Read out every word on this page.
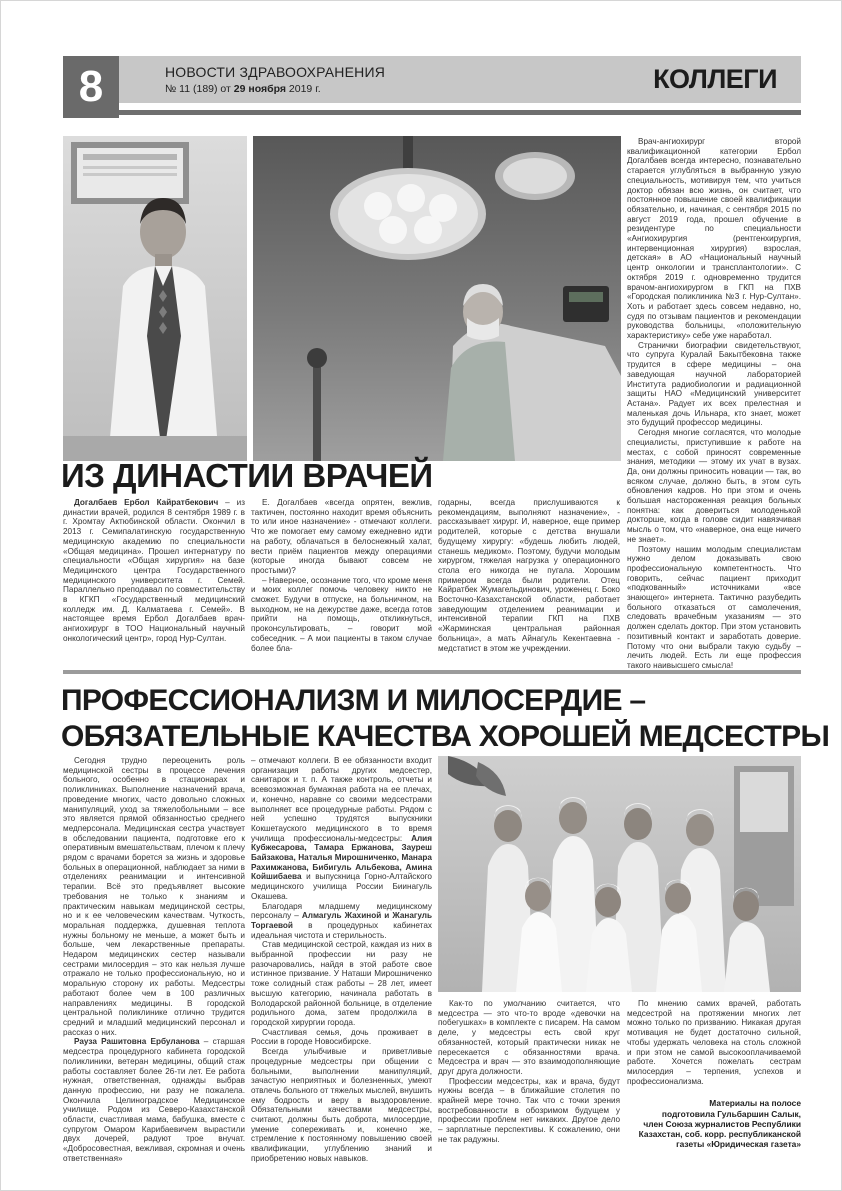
8	НОВОСТИ ЗДРАВООХРАНЕНИЯ
№ 11 (189) от 29 ноября 2019 г.	КОЛЛЕГИ

Врач-ангиохирург второй квалификационной категории Ербол Догалбаев всегда интересно, познавательно старается углубляться в выбранную узкую специальность, мотивируя тем, что учиться доктор обязан всю жизнь, он считает, что постоянное повышение своей квалификации обязательно, и, начиная, с сентября 2015 по август 2019 года, прошел обучение в резидентуре по специальности «Ангиохирургия (рентгенхирургия, интервенционная хирургия) взрослая, детская» в АО «Национальный научный центр онкологии и трансплантологии». С октября 2019 г. одновременно трудится врачом-ангиохирургом в ГКП на ПХВ «Городская поликлиника №3 г. Нур-Султан». Хоть и работает здесь совсем недавно, но, судя по отзывам пациентов и рекомендации руководства больницы, «положительную характеристику» себе уже наработал.

Странички биографии свидетельствуют, что супруга Куралай Бакытбековна также трудится в сфере медицины – она заведующая научной лабораторией Института радиобиологии и радиационной защиты НАО «Медицинский университет Астана». Радует их всех прелестная и маленькая дочь Ильнара, кто знает, может это будущий профессор медицины.

Сегодня многие согласятся, что молодые специалисты, приступившие к работе на местах, с собой приносят современные знания, методики — этому их учат в вузах. Да, они должны приносить новации — так, во всяком случае, должно быть, в этом суть обновления кадров. Но при этом и очень большая настороженная реакция больных понятна: как довериться молоденькой докторше, когда в голове сидит навязчивая мысль о том, что «наверное, она еще ничего не знает».

Поэтому нашим молодым специалистам нужно делом доказывать свою профессиональную компетентность. Что говорить, сейчас пациент приходит «подкованный» источниками «все знающего» интернета. Тактично разубедить больного отказаться от самолечения, следовать врачебным указаниям — это должен сделать доктор. При этом установить позитивный контакт и заработать доверие. Потому что они выбрали такую судьбу – лечить людей. Есть ли еще профессия такого наивысшего смысла!

ИЗ ДИНАСТИИ ВРАЧЕЙ

Догалбаев Ербол Кайратбекович – из династии врачей, родился 8 сентября 1989 г. в г. Хромтау Актюбинской области. Окончил в 2013 г. Семипалатинскую государственную медицинскую академию по специальности «Общая медицина». Прошел интернатуру по специальности «Общая хирургия» на базе Медицинского центра Государственного медицинского университета г. Семей. Параллельно преподавал по совместительству в КГКП «Государственный медицинский колледж им. Д. Калматаева г. Семей». В настоящее время Ербол Догалбаев врач-ангиохирург в ТОО Национальный научный онкологический центр», город Нур-Султан.

Е. Догалбаев «всегда опрятен, вежлив, тактичен, постоянно находит время объяснить то или иное назначение» - отмечают коллеги. Что же помогает ему самому ежедневно идти на работу, облачаться в белоснежный халат, вести приём пациентов между операциями (которые иногда бывают совсем не простыми)?

– Наверное, осознание того, что кроме меня и моих коллег помочь человеку никто не сможет. Будучи в отпуске, на больничном, на выходном, не на дежурстве даже, всегда готов прийти на помощь, откликнуться, проконсультировать, – говорит мой собеседник. – А мои пациенты в таком случае более бла-

годарны, всегда прислушиваются к рекомендациям, выполняют назначение», - рассказывает хирург. И, наверное, еще пример родителей, которые с детства внушали будущему хирургу: «будешь любить людей, станешь медиком». Поэтому, будучи молодым хирургом, тяжелая нагрузка у операционного стола его никогда не пугала. Хорошим примером всегда были родители. Отец Кайратбек Жумагельдинович, уроженец г. Боко Восточно-Казахстанской области, работает заведующим отделением реанимации и интенсивной терапии ГКП на ПХВ «Жарминская центральная районная больница», а мать Айнагуль Кекентаевна - медстатист в этом же учреждении.

ПРОФЕССИОНАЛИЗМ И МИЛОСЕРДИЕ –
ОБЯЗАТЕЛЬНЫЕ КАЧЕСТВА ХОРОШЕЙ МЕДСЕСТРЫ

Сегодня трудно переоценить роль медицинской сестры в процессе лечения больного, особенно в стационарах и поликлиниках. Выполнение назначений врача, проведение многих, часто довольно сложных манипуляций, уход за тяжелобольными – все это является прямой обязанностью среднего медперсонала. Медицинская сестра участвует в обследовании пациента, подготовке его к оперативным вмешательствам, плечом к плечу рядом с врачами борется за жизнь и здоровье больных в операционной, наблюдает за ними в отделениях реанимации и интенсивной терапии. Всё это предъявляет высокие требования не только к знаниям и практическим навыкам медицинской сестры, но и к ее человеческим качествам. Чуткость, моральная поддержка, душевная теплота нужны больному не меньше, а может быть и больше, чем лекарственные препараты. Недаром медицинских сестер называли сестрами милосердия – это как нельзя лучше отражало не только профессиональную, но и моральную сторону их работы. Медсестры работают более чем в 100 различных направлениях медицины. В городской центральной поликлинике отлично трудится средний и младший медицинский персонал и рассказ о них.

Рауза Рашитовна Ербуланова – старшая медсестра процедурного кабинета городской поликлиники, ветеран медицины, общий стаж работы составляет более 26-ти лет. Ее работа нужная, ответственная, однажды выбрав данную профессию, ни разу не пожалела. Окончила Целиноградское Медицинское училище. Родом из Северо-Казахстанской области, счастливая мама, бабушка, вместе с супругом Омаром Карибаевичем вырастили двух дочерей, радуют трое внучат. «Добросовестная, вежливая, скромная и очень ответственная»

– отмечают коллеги. В ее обязанности входит организация работы других медсестер, санитарок и т. п. А также контроль, отчеты и всевозможная бумажная работа на ее плечах, и, конечно, наравне со своими медсестрами выполняет все процедурные работы. Рядом с ней успешно трудятся выпускники Кокшетауского медицинского в то время училища профессионалы-медсестры: Алия Кубжесарова, Тамара Ержанова, Зауреш Байзакова, Наталья Мирошниченко, Манара Рахимжанова, Бибигуль Альбекова, Амина Койшибаева и выпускница Горно-Алтайского медицинского училища России Биинагуль Окашева.

Благодаря младшему медицинскому персоналу – Алмагуль Жахиной и Жанагуль Торгаевой в процедурных кабинетах идеальная чистота и стерильность.

Став медицинской сестрой, каждая из них в выбранной профессии ни разу не разочаровались, найдя в этой работе свое истинное призвание. У Наташи Мирошниченко тоже солидный стаж работы – 28 лет, имеет высшую категорию, начинала работать в Володарской районной больнице, в отделение родильного дома, затем продолжила в городской хирургии города.

Счастливая семья, дочь проживает в России в городе Новосибирске.

Всегда улыбчивые и приветливые процедурные медсестры при общении с больными, выполнении манипуляций, зачастую неприятных и болезненных, умеют отвлечь больного от тяжелых мыслей, внушить ему бодрость и веру в выздоровление. Обязательными качествами медсестры, считают, должны быть доброта, милосердие, умение сопереживать и, конечно же, стремление к постоянному повышению своей квалификации, углублению знаний и приобретению новых навыков.

Как-то по умолчанию считается, что медсестра — это что-то вроде «девочки на побегушках» в комплекте с писарем. На самом деле, у медсестры есть свой круг обязанностей, который практически никак не пересекается с обязанностями врача. Медсестра и врач — это взаимодополняющие друг друга должности.

Профессии медсестры, как и врача, будут нужны всегда – в ближайшие столетия по крайней мере точно. Так что с точки зрения востребованности в обозримом будущем у профессии проблем нет никаких. Другое дело – зарплатные перспективы. К сожалению, они не так радужны.

По мнению самих врачей, работать медсестрой на протяжении многих лет можно только по призванию. Никакая другая мотивация не будет достаточно сильной, чтобы удержать человека на столь сложной и при этом не самой высокооплачиваемой работе. Хочется пожелать сестрам милосердия – терпения, успехов и профессионализма.

Материалы на полосе
подготовила Гульбаршин Салык,
член Союза журналистов Республики
Казахстан, соб. корр. республиканской
газеты «Юридическая газета»
